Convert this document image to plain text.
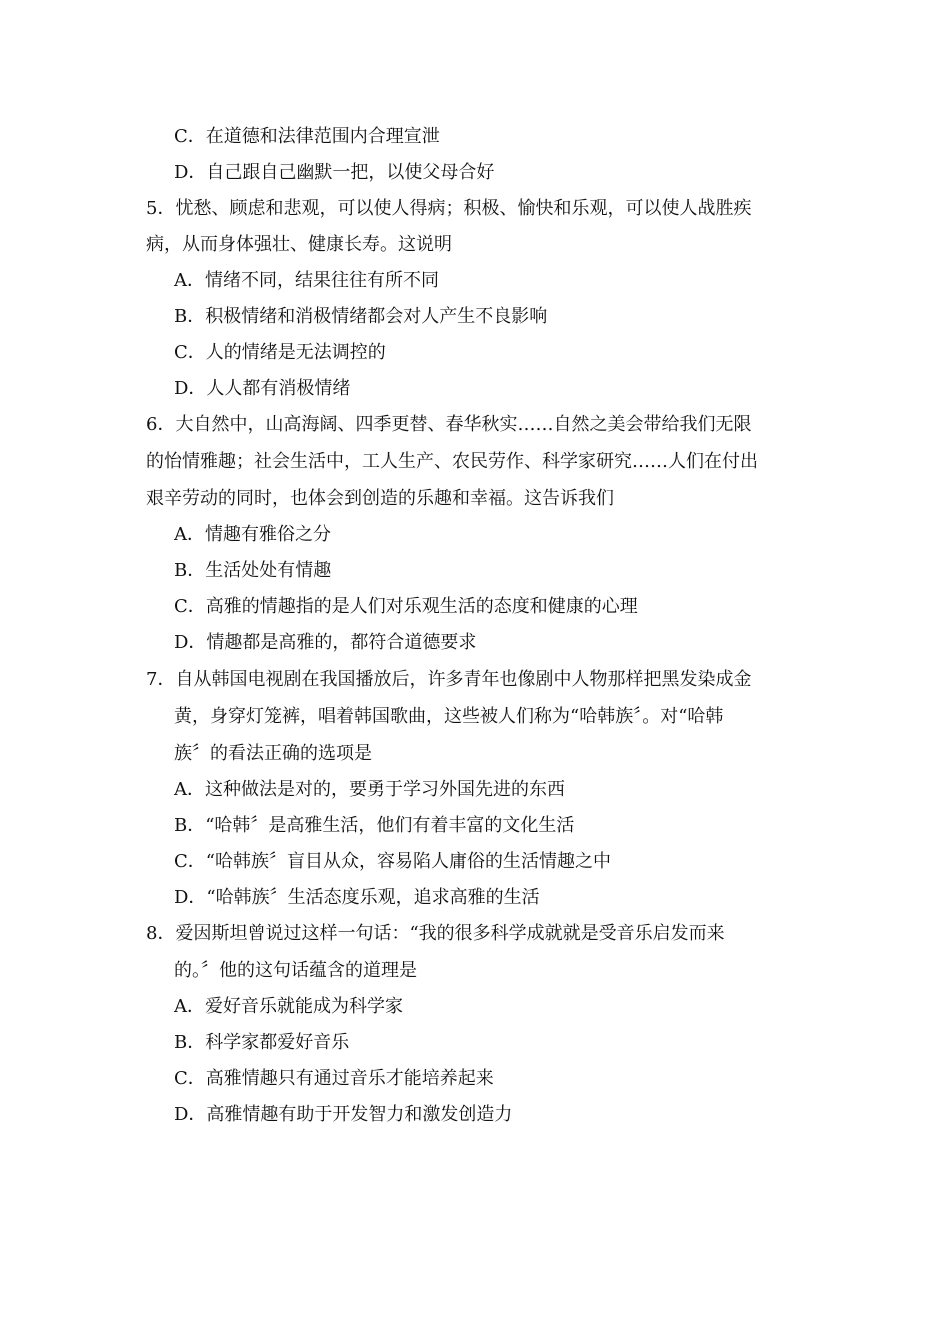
C．在道德和法律范围内合理宣泄
D．自己跟自己幽默一把，以使父母合好
5．忧愁、顾虑和悲观，可以使人得病；积极、愉快和乐观，可以使人战胜疾
病，从而身体强壮、健康长寿。这说明
A．情绪不同，结果往往有所不同
B．积极情绪和消极情绪都会对人产生不良影响
C．人的情绪是无法调控的
D．人人都有消极情绪
6．大自然中，山高海阔、四季更替、春华秋实……自然之美会带给我们无限
的怡情雅趣；社会生活中，工人生产、农民劳作、科学家研究……人们在付出
艰辛劳动的同时，也体会到创造的乐趣和幸福。这告诉我们
A．情趣有雅俗之分
B．生活处处有情趣
C．高雅的情趣指的是人们对乐观生活的态度和健康的心理
D．情趣都是高雅的，都符合道德要求
7．自从韩国电视剧在我国播放后，许多青年也像剧中人物那样把黑发染成金
黄，身穿灯笼裤，唱着韩国歌曲，这些被人们称为“哈韩族〞。对“哈韩
族〞的看法正确的选项是
A．这种做法是对的，要勇于学习外国先进的东西
B．“哈韩〞是高雅生活，他们有着丰富的文化生活
C．“哈韩族〞盲目从众，容易陷人庸俗的生活情趣之中
D．“哈韩族〞生活态度乐观，追求高雅的生活
8．爱因斯坦曾说过这样一句话：“我的很多科学成就就是受音乐启发而来
的。〞他的这句话蕴含的道理是
A．爱好音乐就能成为科学家
B．科学家都爱好音乐
C．高雅情趣只有通过音乐才能培养起来
D．高雅情趣有助于开发智力和激发创造力
